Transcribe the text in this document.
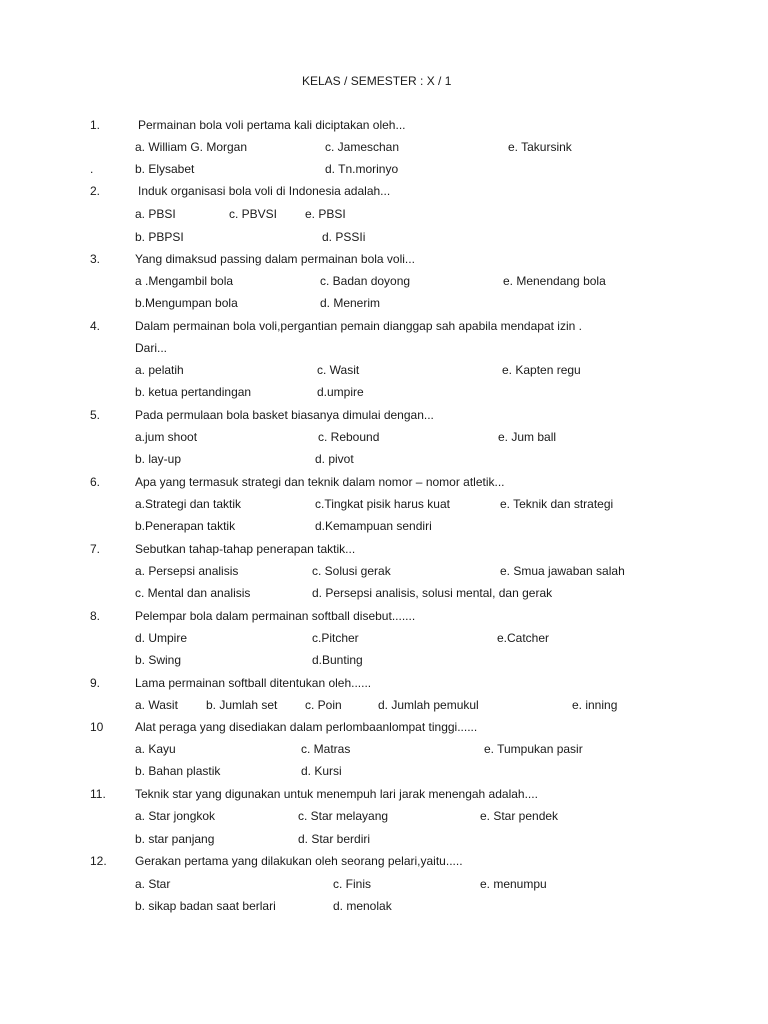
KELAS / SEMESTER : X / 1
1.	Permainan bola voli pertama kali diciptakan oleh...
.
a. William G. Morgan	c. Jameschan	e. Takursink
b. Elysabet	d. Tn.morinyo
2.	Induk organisasi bola voli di Indonesia adalah...
a. PBSI	c. PBVSI e. PBSI
b. PBPSI	d. PSSIi
3.	Yang dimaksud passing dalam permainan bola voli...
a .Mengambil bola	c. Badan doyong	e. Menendang bola
b.Mengumpan bola	d. Menerim
4.	Dalam permainan bola voli,pergantian pemain dianggap sah apabila mendapat izin .
Dari...
a. pelatih	c. Wasit	e. Kapten regu
b. ketua pertandingan	d.umpire
5.	Pada permulaan bola basket biasanya dimulai dengan...
a.jum shoot	c. Rebound	e. Jum ball
b. lay-up	d. pivot
6.	Apa yang termasuk strategi dan teknik dalam nomor – nomor atletik...
a.Strategi dan taktik	c.Tingkat pisik harus kuat	e. Teknik dan strategi
b.Penerapan taktik	d.Kemampuan sendiri
7.	Sebutkan tahap-tahap penerapan taktik...
a. Persepsi analisis	c. Solusi gerak	e. Smua jawaban salah
c. Mental dan analisis	d. Persepsi analisis, solusi mental, dan gerak
8.	Pelempar bola dalam permainan softball disebut.......
d. Umpire	c.Pitcher	e.Catcher
b. Swing	d.Bunting
9.	Lama permainan softball ditentukan oleh......
a. Wasit b. Jumlah set c. Poin	d. Jumlah pemukul	e. inning
10	Alat peraga yang disediakan dalam perlombaanlompat tinggi......
a. Kayu	c. Matras	e. Tumpukan pasir
b. Bahan plastik	d. Kursi
11. Teknik star yang digunakan untuk menempuh lari jarak menengah adalah....
a. Star jongkok	c. Star melayang	e. Star pendek
b. star panjang	d. Star berdiri
12. Gerakan pertama yang dilakukan oleh seorang pelari,yaitu.....
a. Star	c. Finis	e. menumpu
b. sikap badan saat berlari	d. menolak
